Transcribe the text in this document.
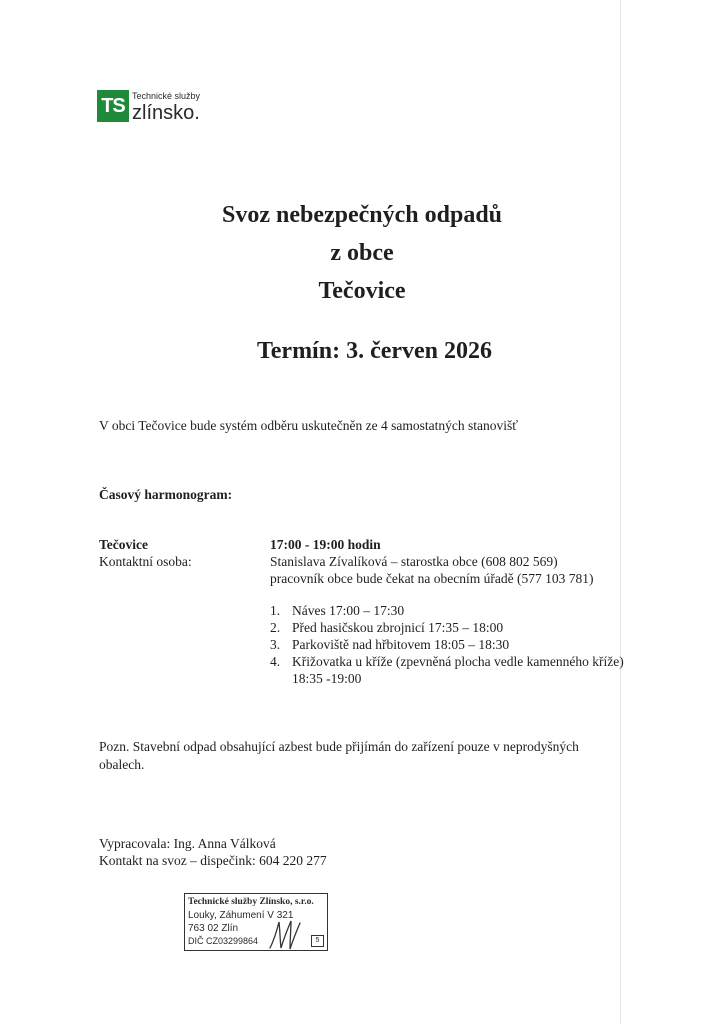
TS Technické služby
zlínsko.
Svoz nebezpečných odpadů
z obce
Tečovice
Termín: 3. červen 2026
V obci Tečovice bude systém odběru uskutečněn ze 4 samostatných stanovišť
Časový harmonogram:
Tečovice
Kontaktní osoba:
17:00 - 19:00 hodin
Stanislava Zívalíková – starostka obce (608 802 569)
pracovník obce bude čekat na obecním úřadě (577 103 781)
1. Náves 17:00 – 17:30
2. Před hasičskou zbrojnicí 17:35 – 18:00
3. Parkoviště nad hřbitovem 18:05 – 18:30
4. Křižovatka u kříže (zpevněná plocha vedle kamenného kříže) 18:35 -19:00
Pozn. Stavební odpad obsahující azbest bude přijímán do zařízení pouze v neprodyšných obalech.
Vypracovala: Ing. Anna Válková
Kontakt na svoz – dispečink: 604 220 277
Technické služby Zlínsko, s.r.o.
Louky, Záhumení V 321
763 02 Zlín
DIČ CZ03299864	5
